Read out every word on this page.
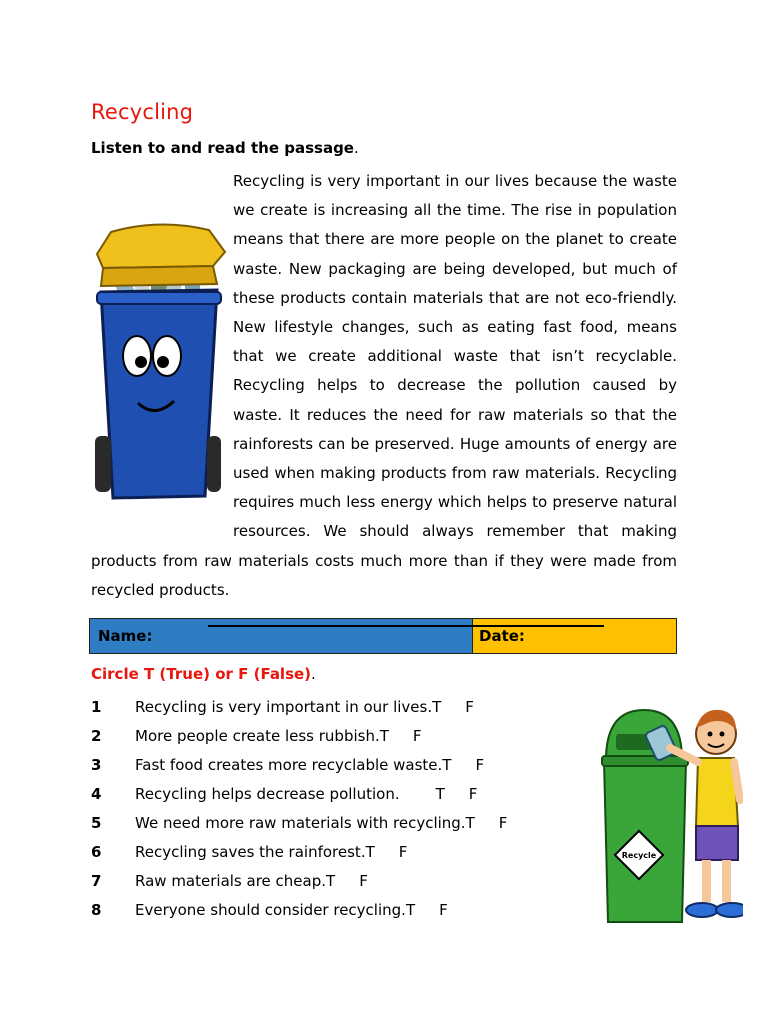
Recycling
Listen to and read the passage.
Recycling is very important in our lives because the waste we create is increasing all the time. The rise in population means that there are more people on the planet to create waste. New packaging are being developed, but much of these products contain materials that are not eco-friendly. New lifestyle changes, such as eating fast food, means that we create additional waste that isn’t recyclable. Recycling helps to decrease the pollution caused by waste. It reduces the need for raw materials so that the rainforests can be preserved. Huge amounts of energy are used when making products from raw materials. Recycling requires much less energy which helps to preserve natural resources. We should always remember that making products from raw materials costs much more than if they were made from recycled products.
Name:	Date:
Circle T (True) or F (False).
1	Recycling is very important in our lives. T F
2	More people create less rubbish. T F
3	Fast food creates more recyclable waste. T F
4	Recycling helps decrease pollution. T F
5	We need more raw materials with recycling. T F
6	Recycling saves the rainforest. T F
7	Raw materials are cheap. T F
8	Everyone should consider recycling. T F
Recycle
